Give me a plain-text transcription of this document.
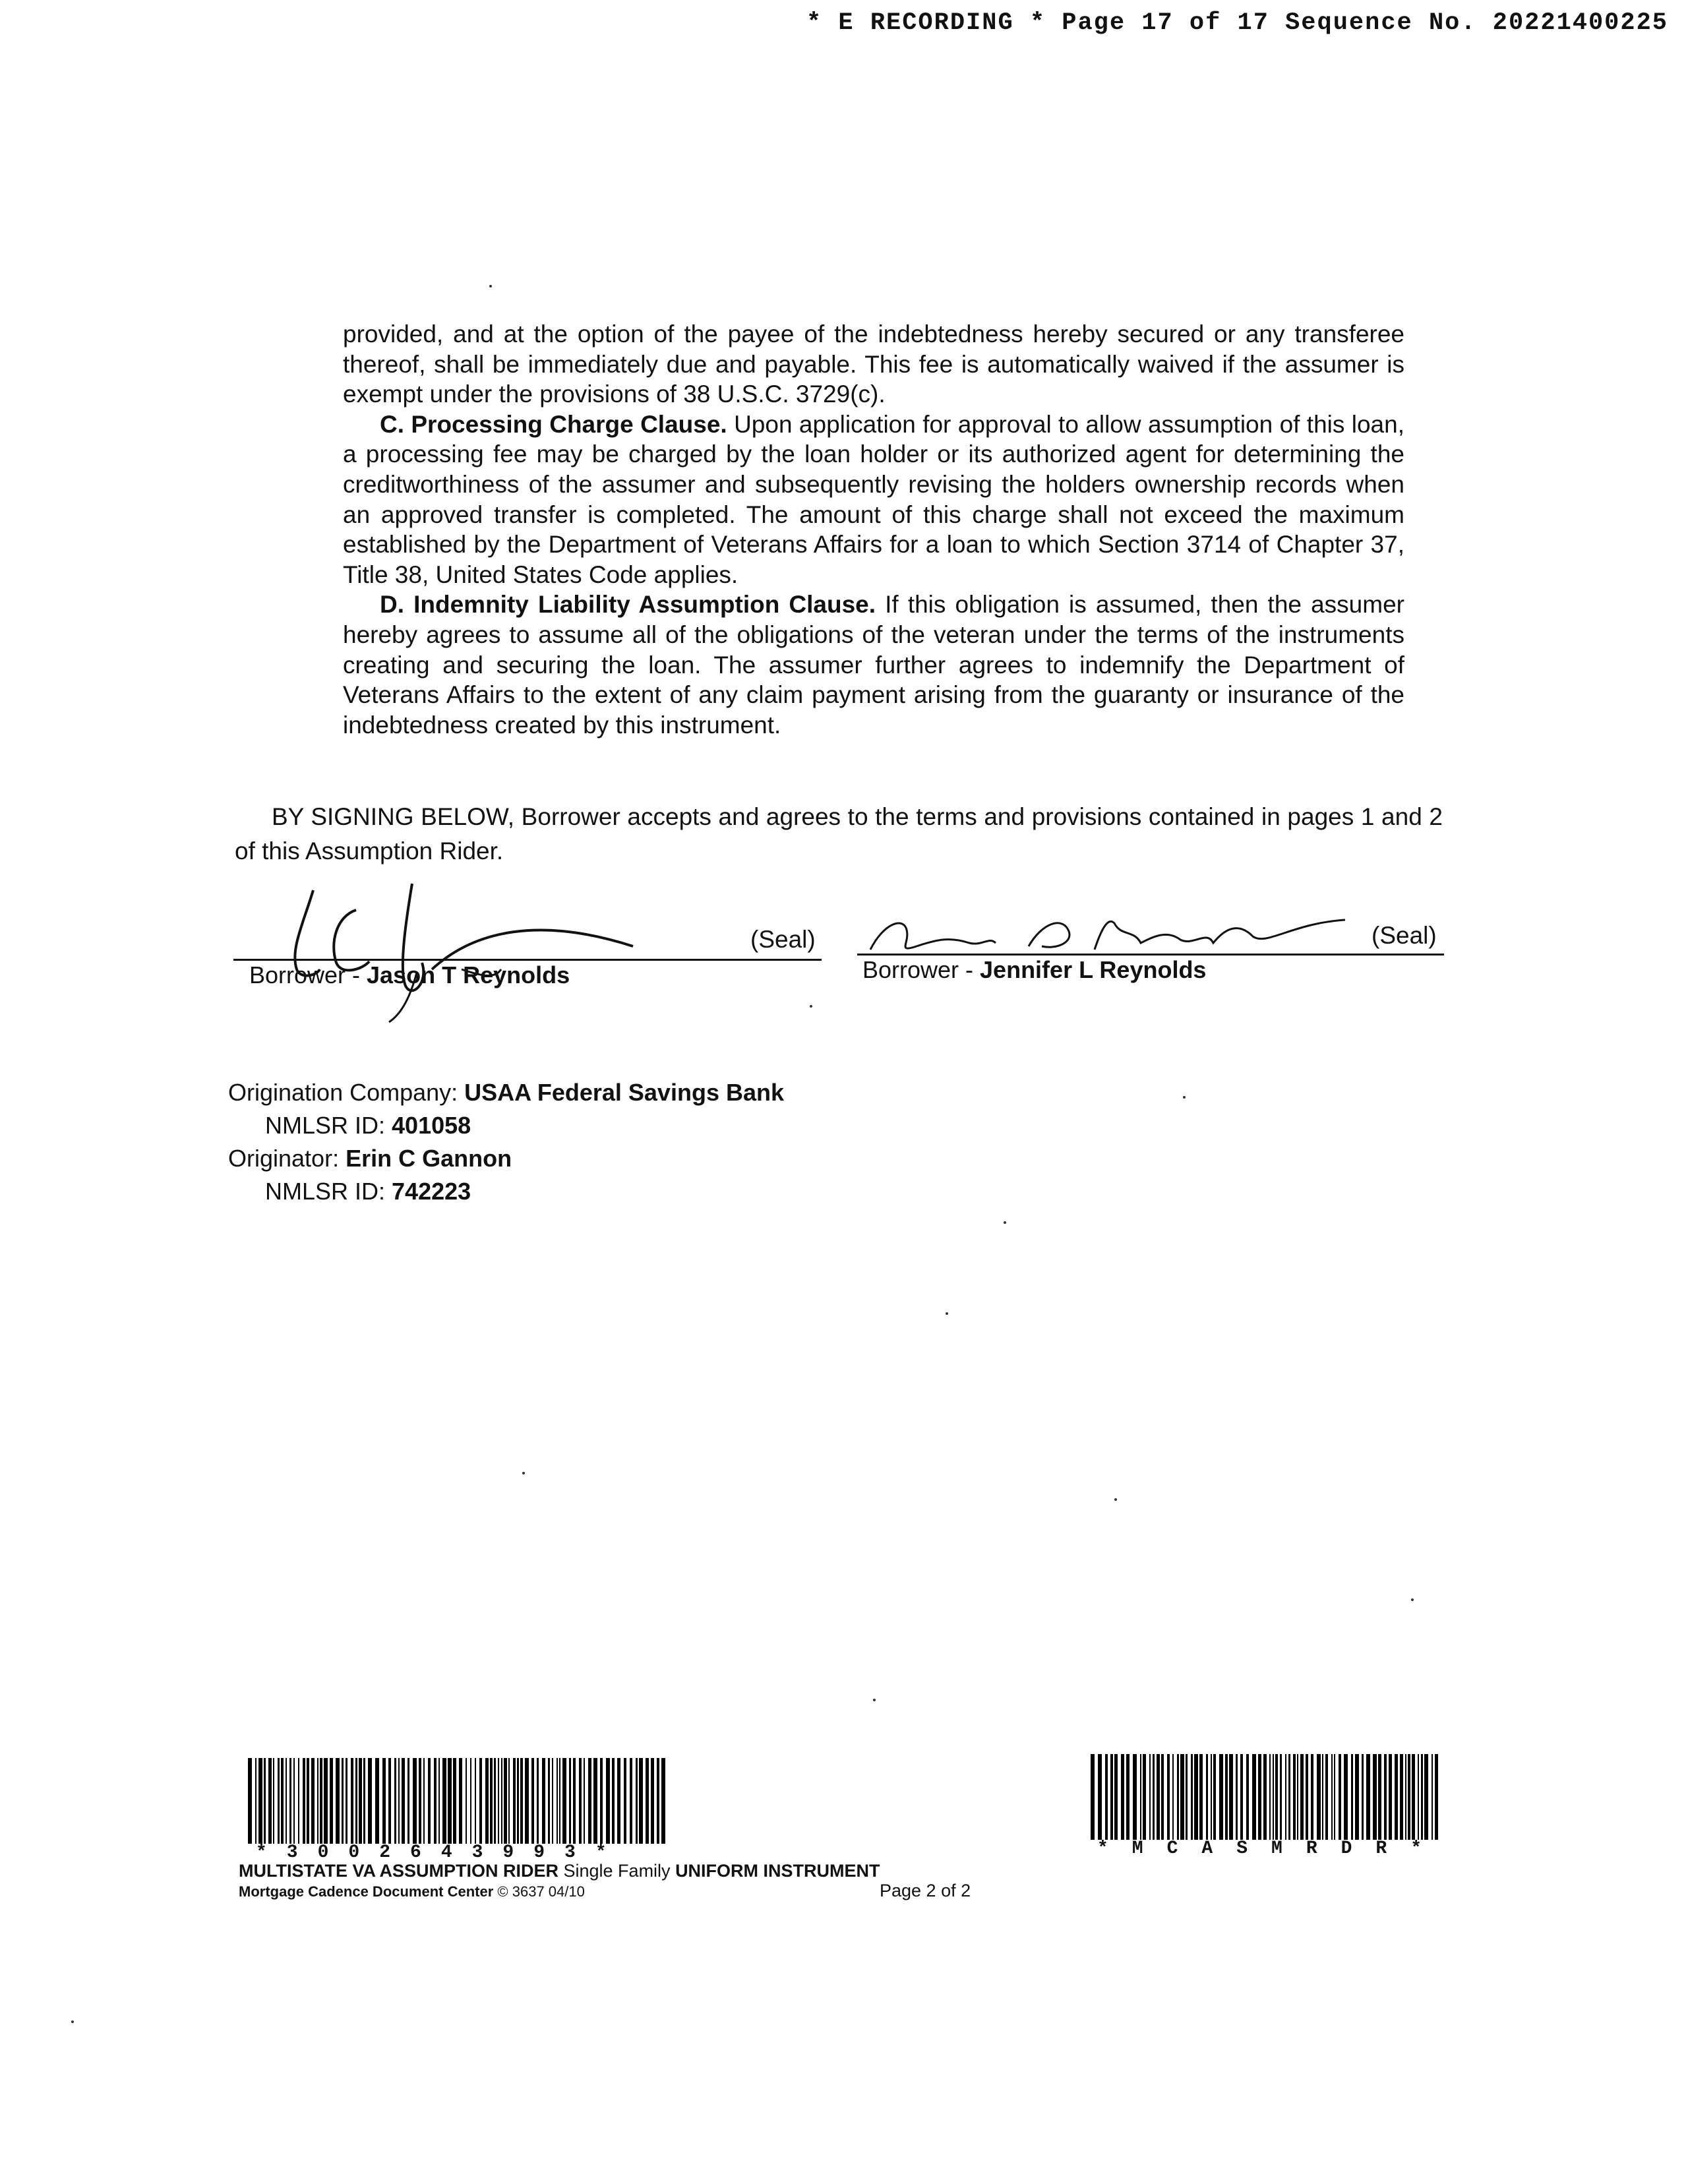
* E RECORDING * Page 17 of 17 Sequence No. 20221400225

provided, and at the option of the payee of the indebtedness hereby secured or any transferee thereof, shall be immediately due and payable. This fee is automatically waived if the assumer is exempt under the provisions of 38 U.S.C. 3729(c).

C. Processing Charge Clause. Upon application for approval to allow assumption of this loan, a processing fee may be charged by the loan holder or its authorized agent for determining the creditworthiness of the assumer and subsequently revising the holders ownership records when an approved transfer is completed. The amount of this charge shall not exceed the maximum established by the Department of Veterans Affairs for a loan to which Section 3714 of Chapter 37, Title 38, United States Code applies.

D. Indemnity Liability Assumption Clause. If this obligation is assumed, then the assumer hereby agrees to assume all of the obligations of the veteran under the terms of the instruments creating and securing the loan. The assumer further agrees to indemnify the Department of Veterans Affairs to the extent of any claim payment arising from the guaranty or insurance of the indebtedness created by this instrument.

BY SIGNING BELOW, Borrower accepts and agrees to the terms and provisions contained in pages 1 and 2 of this Assumption Rider.

(Seal)
Borrower - Jason T Reynolds
(Seal)
Borrower - Jennifer L Reynolds
Origination Company: USAA Federal Savings Bank
NMLSR ID: 401058
Originator: Erin C Gannon
NMLSR ID: 742223
*3002643993*	*MCASMRDR*
MULTISTATE VA ASSUMPTION RIDER Single Family UNIFORM INSTRUMENT
Mortgage Cadence Document Center © 3637 04/10	Page 2 of 2
